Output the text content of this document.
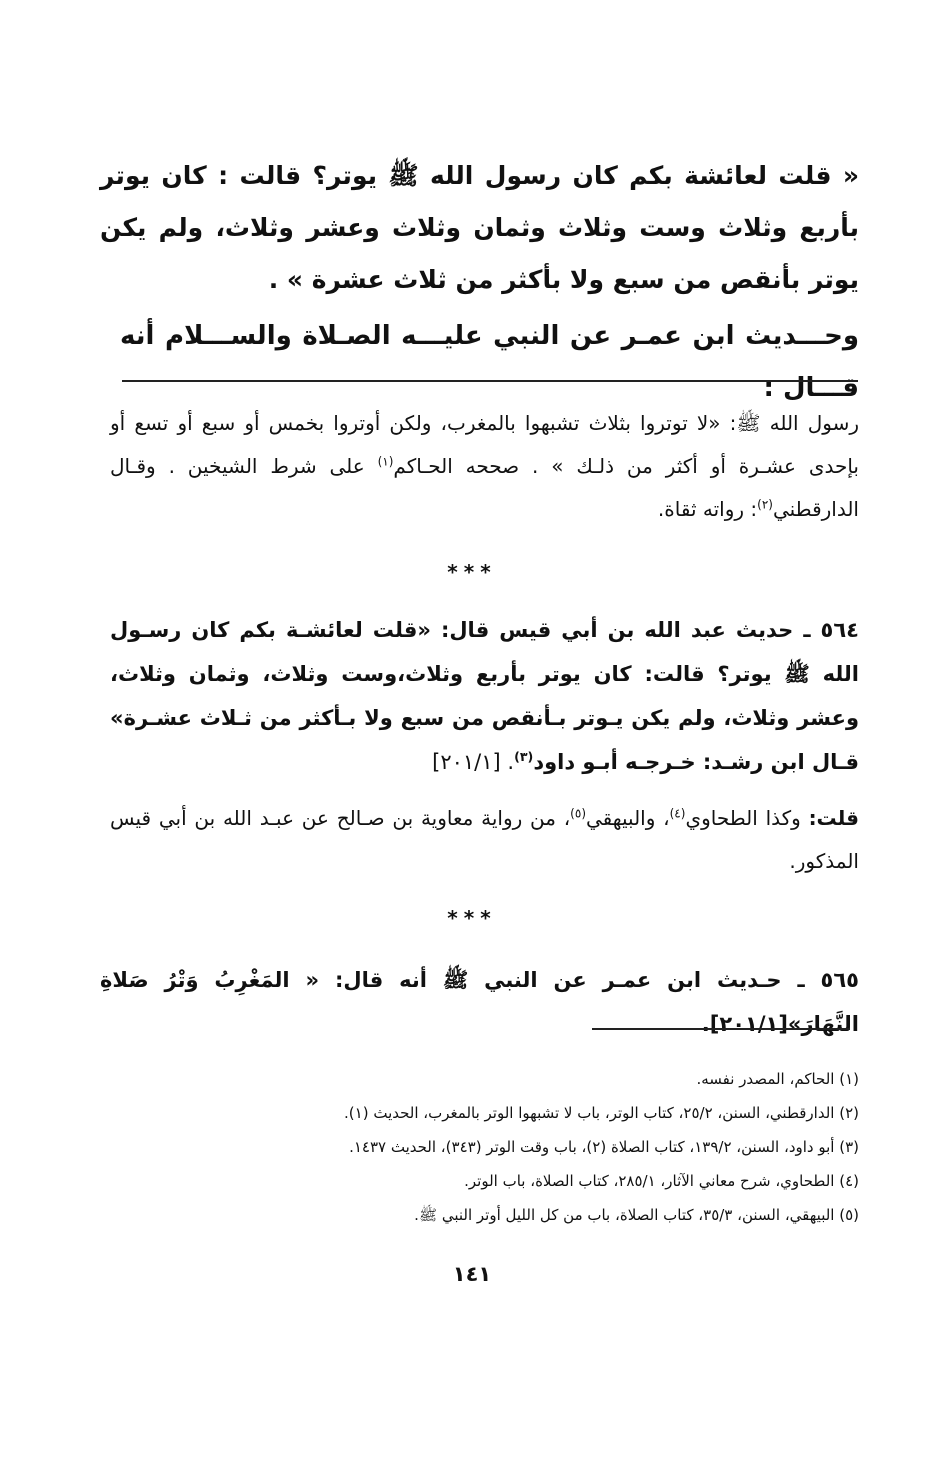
« قلت لعائشة بكم كان رسول الله ﷺ يوتر؟ قالت : كان يوتر بأربع وثلاث وست وثلاث وثمان وثلاث وعشر وثلاث، ولم يكن يوتر بأنقص من سبع ولا بأكثر من ثلاث عشرة » .

وحـــديث ابن عمـر عن النبي عليـــه الصـلاة والســـلام أنه قـــال :

رسول الله ﷺ: «لا توتروا بثلاث تشبهوا بالمغرب، ولكن أوتروا بخمس أو سبع أو تسع أو بإحدى عشـرة أو أكثر من ذلـك » . صححه الحـاكم$^{(١)}$ على شرط الشيخين . وقـال الدارقطني$^{(٢)}$: رواته ثقاة.

***

٥٦٤ ـ حديث عبد الله بن أبي قيس قال: «قلت لعائشـة بكم كان رسـول الله ﷺ يوتر؟ قالت: كان يوتر بأربع وثلاث،وست وثلاث، وثمان وثلاث، وعشر وثلاث، ولم يكن يـوتر بـأنقص من سبع ولا بـأكثر من ثـلاث عشـرة» قـال ابن رشـد: خـرجـه أبـو داود$^{(٣)}$. [٢٠١/١]

قلت: وكذا الطحاوي$^{(٤)}$، والبيهقي$^{(٥)}$، من رواية معاوية بن صـالح عن عبـد الله بن أبي قيس المذكور.

***

٥٦٥ ـ حـديث ابن عمـر عن النبي ﷺ أنه قال: « المَغْرِبُ وَتْرُ صَلاةِ النَّهَارَ»[٢٠١/١].

(١) الحاكم، المصدر نفسه.
(٢) الدارقطني، السنن، ٢٥/٢، كتاب الوتر، باب لا تشبهوا الوتر بالمغرب، الحديث (١).
(٣) أبو داود، السنن، ١٣٩/٢، كتاب الصلاة (٢)، باب وقت الوتر (٣٤٣)، الحديث ١٤٣٧.
(٤) الطحاوي، شرح معاني الآثار، ٢٨٥/١، كتاب الصلاة، باب الوتر.
(٥) البيهقي، السنن، ٣٥/٣، كتاب الصلاة، باب من كل الليل أوتر النبي ﷺ.
١٤١
